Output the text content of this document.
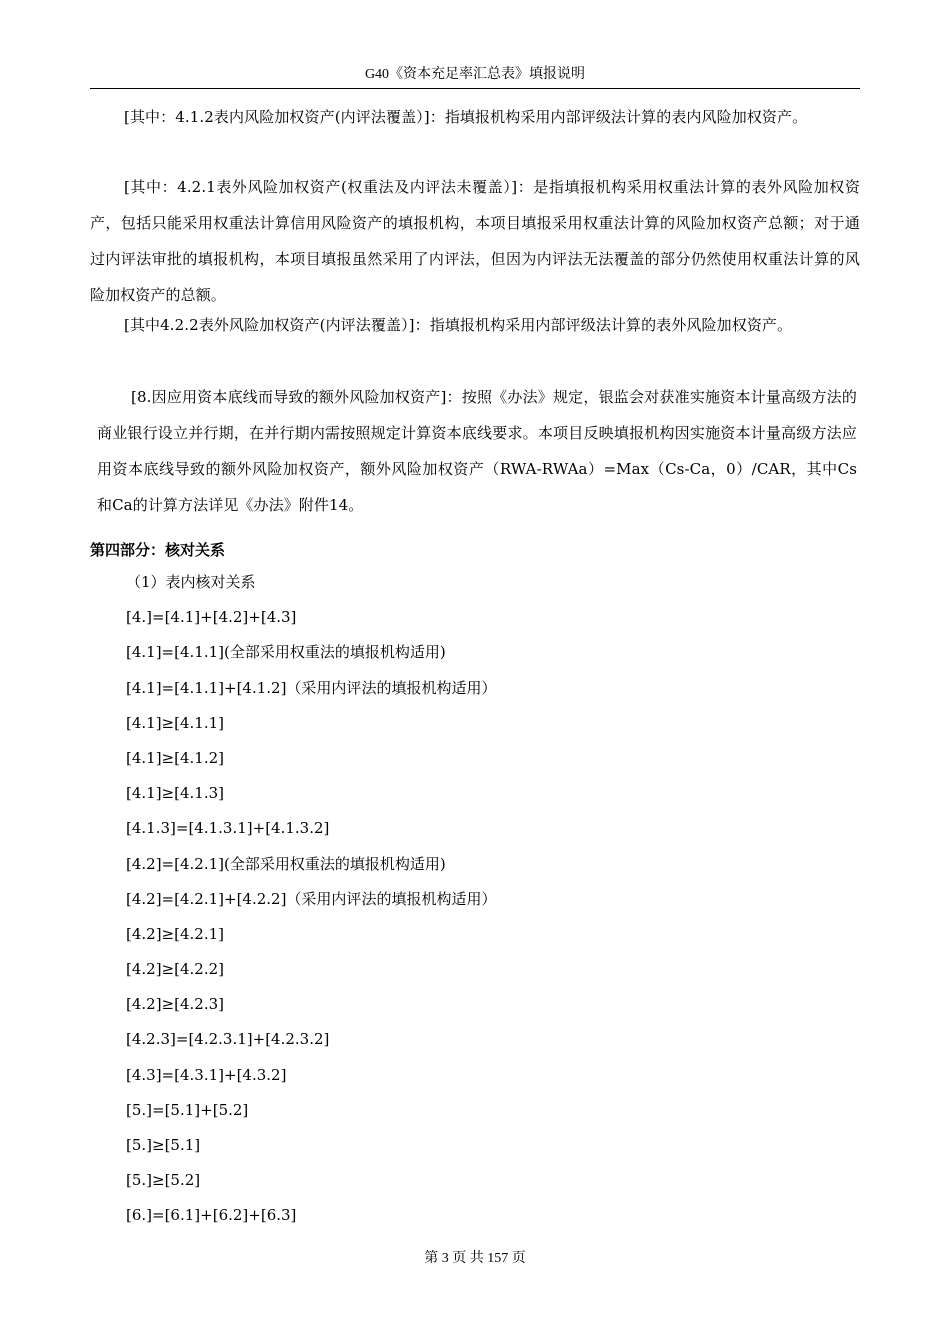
G40《资本充足率汇总表》填报说明

[其中：4.1.2表内风险加权资产(内评法覆盖）]：指填报机构采用内部评级法计算的表内风险加权资产。

[其中：4.2.1表外风险加权资产(权重法及内评法未覆盖）]：是指填报机构采用权重法计算的表外风险加权资产，包括只能采用权重法计算信用风险资产的填报机构，本项目填报采用权重法计算的风险加权资产总额；对于通过内评法审批的填报机构，本项目填报虽然采用了内评法，但因为内评法无法覆盖的部分仍然使用权重法计算的风险加权资产的总额。

[其中4.2.2表外风险加权资产(内评法覆盖）]：指填报机构采用内部评级法计算的表外风险加权资产。

[8.因应用资本底线而导致的额外风险加权资产]：按照《办法》规定，银监会对获准实施资本计量高级方法的商业银行设立并行期，在并行期内需按照规定计算资本底线要求。本项目反映填报机构因实施资本计量高级方法应用资本底线导致的额外风险加权资产，额外风险加权资产（RWA-RWAa）=Max（Cs-Ca，0）/CAR，其中Cs和Ca的计算方法详见《办法》附件14。

第四部分：核对关系
（1）表内核对关系
[4.]=[4.1]+[4.2]+[4.3]
[4.1]=[4.1.1](全部采用权重法的填报机构适用)
[4.1]=[4.1.1]+[4.1.2]（采用内评法的填报机构适用）
[4.1]≥[4.1.1]
[4.1]≥[4.1.2]
[4.1]≥[4.1.3]
[4.1.3]=[4.1.3.1]+[4.1.3.2]
[4.2]=[4.2.1](全部采用权重法的填报机构适用)
[4.2]=[4.2.1]+[4.2.2]（采用内评法的填报机构适用）
[4.2]≥[4.2.1]
[4.2]≥[4.2.2]
[4.2]≥[4.2.3]
[4.2.3]=[4.2.3.1]+[4.2.3.2]
[4.3]=[4.3.1]+[4.3.2]
[5.]=[5.1]+[5.2]
[5.]≥[5.1]
[5.]≥[5.2]
[6.]=[6.1]+[6.2]+[6.3]
第 3 页 共 157 页
